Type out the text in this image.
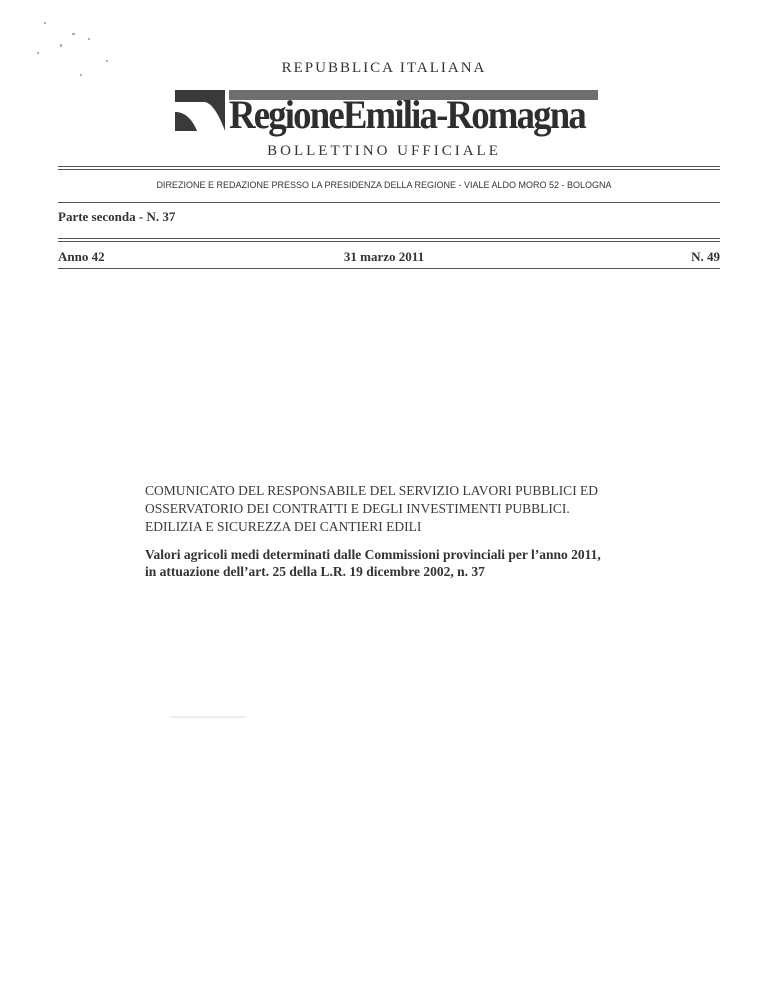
REPUBBLICA ITALIANA
RegioneEmilia-Romagna
BOLLETTINO UFFICIALE
DIREZIONE E REDAZIONE PRESSO LA PRESIDENZA DELLA REGIONE - VIALE ALDO MORO 52 - BOLOGNA
Parte seconda - N. 37
Anno 42	31 marzo 2011	N. 49
COMUNICATO DEL RESPONSABILE DEL SERVIZIO LAVORI PUBBLICI ED
OSSERVATORIO DEI CONTRATTI E DEGLI INVESTIMENTI PUBBLICI.
EDILIZIA E SICUREZZA DEI CANTIERI EDILI
Valori agricoli medi determinati dalle Commissioni provinciali per l’anno 2011,
in attuazione dell’art. 25 della L.R. 19 dicembre 2002, n. 37
